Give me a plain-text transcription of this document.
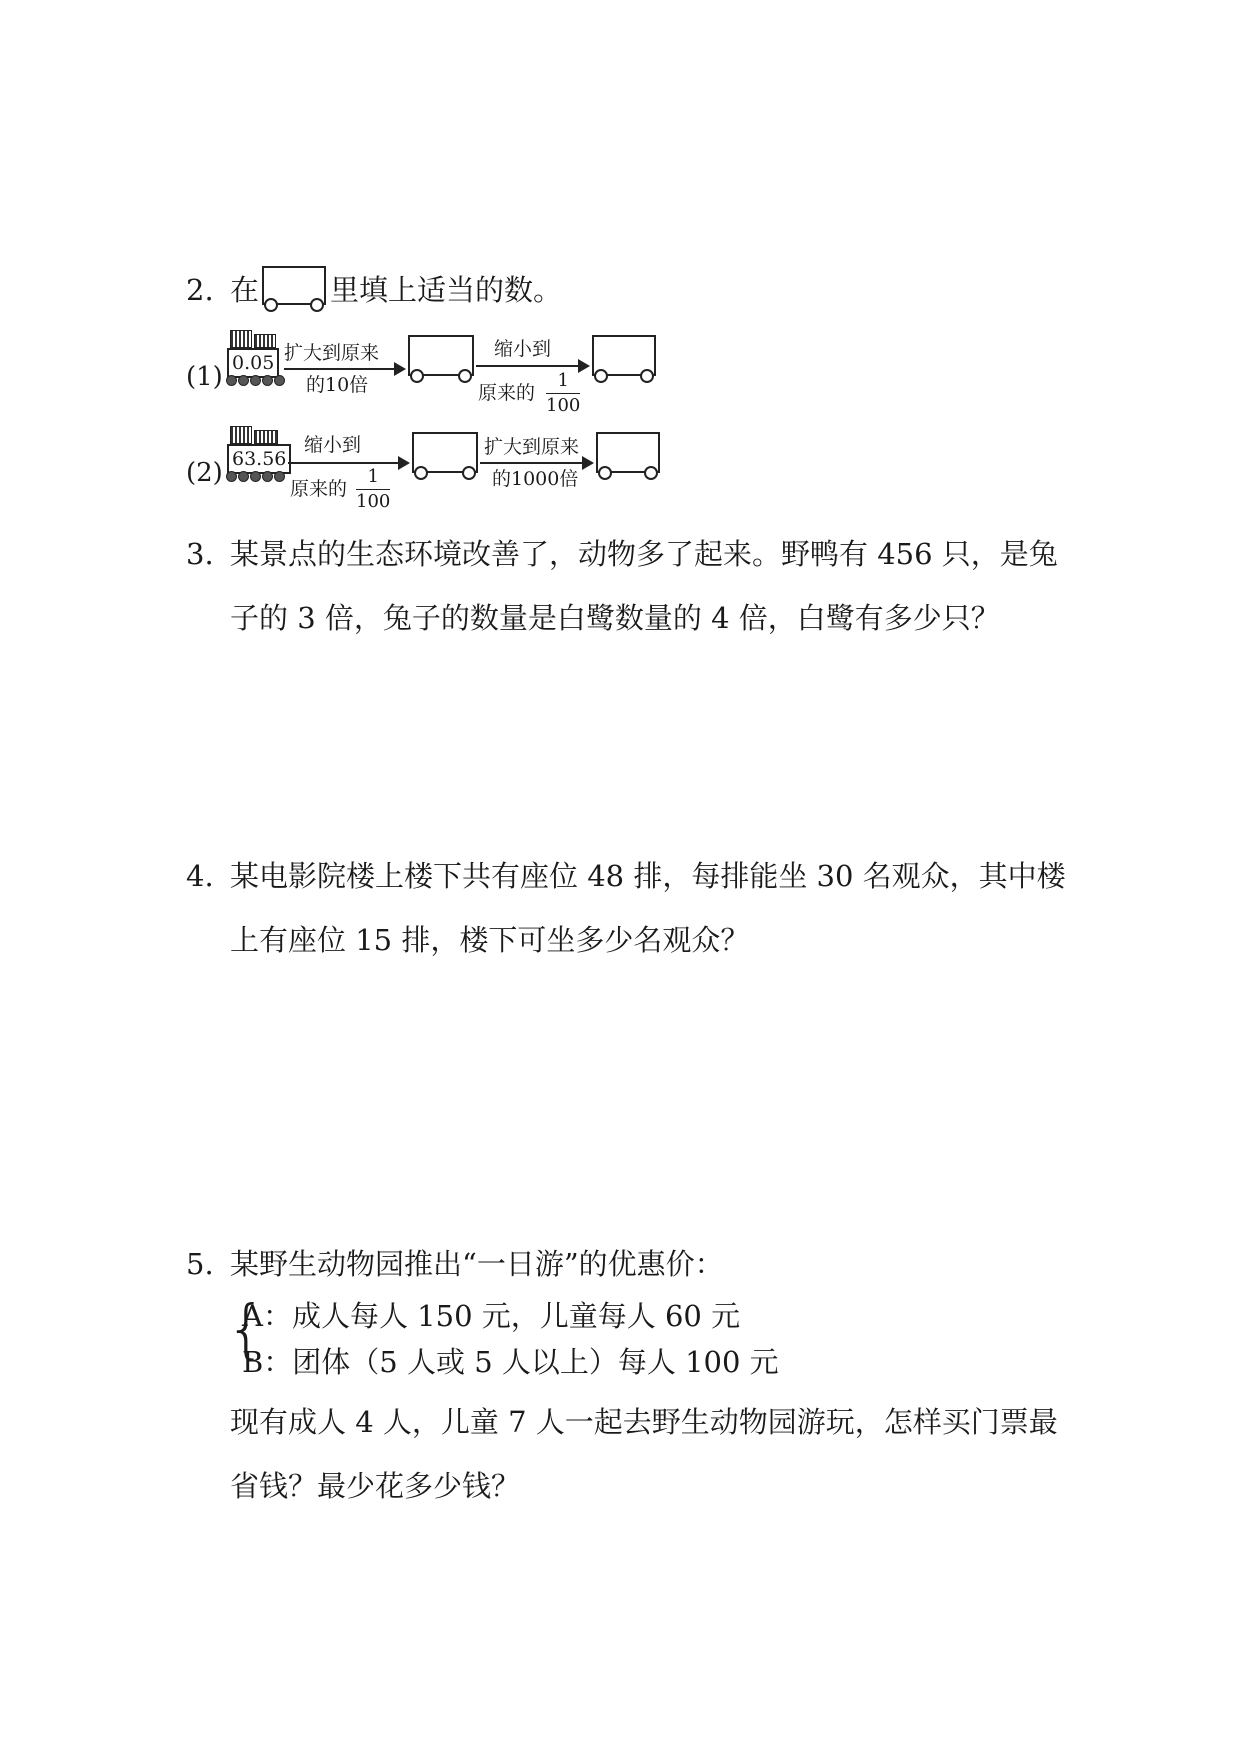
2. 在 里填上适当的数。
(1) 0.05 扩大到原来
的10倍
缩小到
原来的
1
100
(2) 63.56
缩小到
原来的
1
100
扩大到原来
的1000倍
3. 某景点的生态环境改善了，动物多了起来。野鸭有 456 只，是兔
子的 3 倍，兔子的数量是白鹭数量的 4 倍，白鹭有多少只？
4. 某电影院楼上楼下共有座位 48 排，每排能坐 30 名观众，其中楼
上有座位 15 排，楼下可坐多少名观众？
5. 某野生动物园推出“一日游”的优惠价：
{
A：成人每人 150 元，儿童每人 60 元
B：团体（5 人或 5 人以上）每人 100 元
现有成人 4 人，儿童 7 人一起去野生动物园游玩，怎样买门票最
省钱？最少花多少钱？
